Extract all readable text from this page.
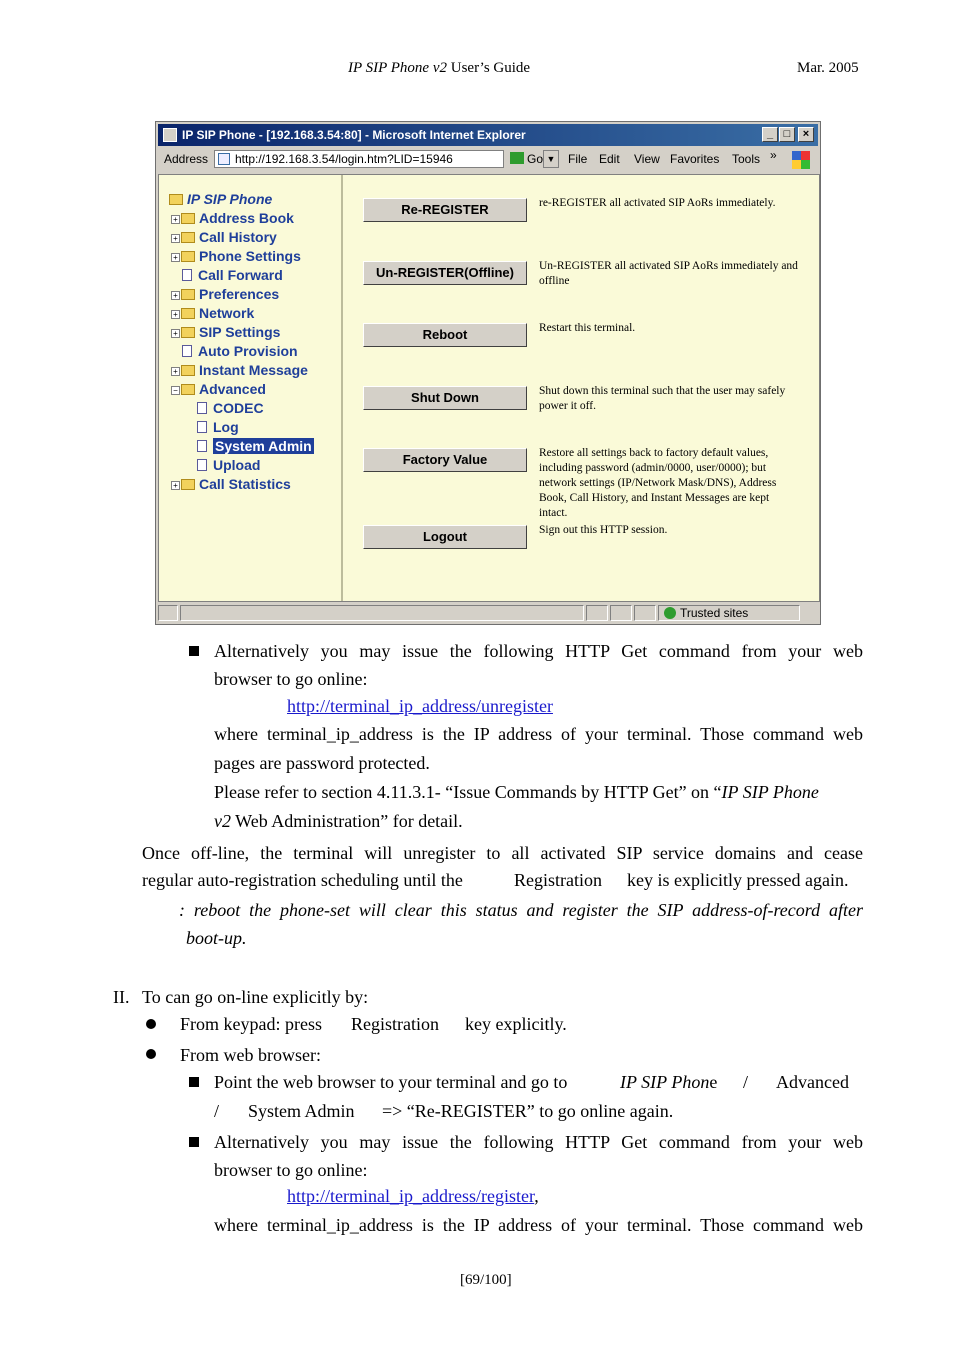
IP SIP Phone v2 User’s Guide	Mar. 2005
IP SIP Phone - [192.168.3.54:80] - Microsoft Internet Explorer	_ □	×
Address http://192.168.3.54/login.htm?LID=15946	▼
Go File Edit View Favorites Tools »
IP SIP Phone
+ Address Book
+ Call History
+ Phone Settings
Call Forward
+ Preferences
+ Network
+ SIP Settings
Auto Provision
+ Instant Message
− Advanced
CODEC
Log
System Admin
Upload
+ Call Statistics
Re-REGISTER	re-REGISTER all activated SIP AoRs immediately.
Un-REGISTER(Offline)	Un-REGISTER all activated SIP AoRs immediately and offline
Reboot	Restart this terminal.
Shut Down	Shut down this terminal such that the user may safely power it off.
Factory Value	Restore all settings back to factory default values, including password (admin/0000, user/0000); but network settings (IP/Network Mask/DNS), Address Book, Call History, and Instant Messages are kept intact.
Logout	Sign out this HTTP session.
Trusted sites
Alternatively you may issue the following HTTP Get command from your web
browser to go online:
http://terminal_ip_address/unregister
where terminal_ip_address is the IP address of your terminal. Those command web
pages are password protected.
Please refer to section 4.11.3.1- “Issue Commands by HTTP Get” on “IP SIP Phone
v2 Web Administration” for detail.
Once off-line, the terminal will unregister to all activated SIP service domains and cease
regular auto-registration scheduling until the	Registration key is explicitly pressed again.
: reboot the phone-set will clear this status and register the SIP address-of-record after
boot-up.
II. To can go on-line explicitly by:
From keypad: press Registration key explicitly.
From web browser:
Point the web browser to your terminal and go to	IP SIP Phone / Advanced
/ System Admin => “Re-REGISTER” to go online again.
Alternatively you may issue the following HTTP Get command from your web
browser to go online:
http://terminal_ip_address/register,
where terminal_ip_address is the IP address of your terminal. Those command web
[69/100]
